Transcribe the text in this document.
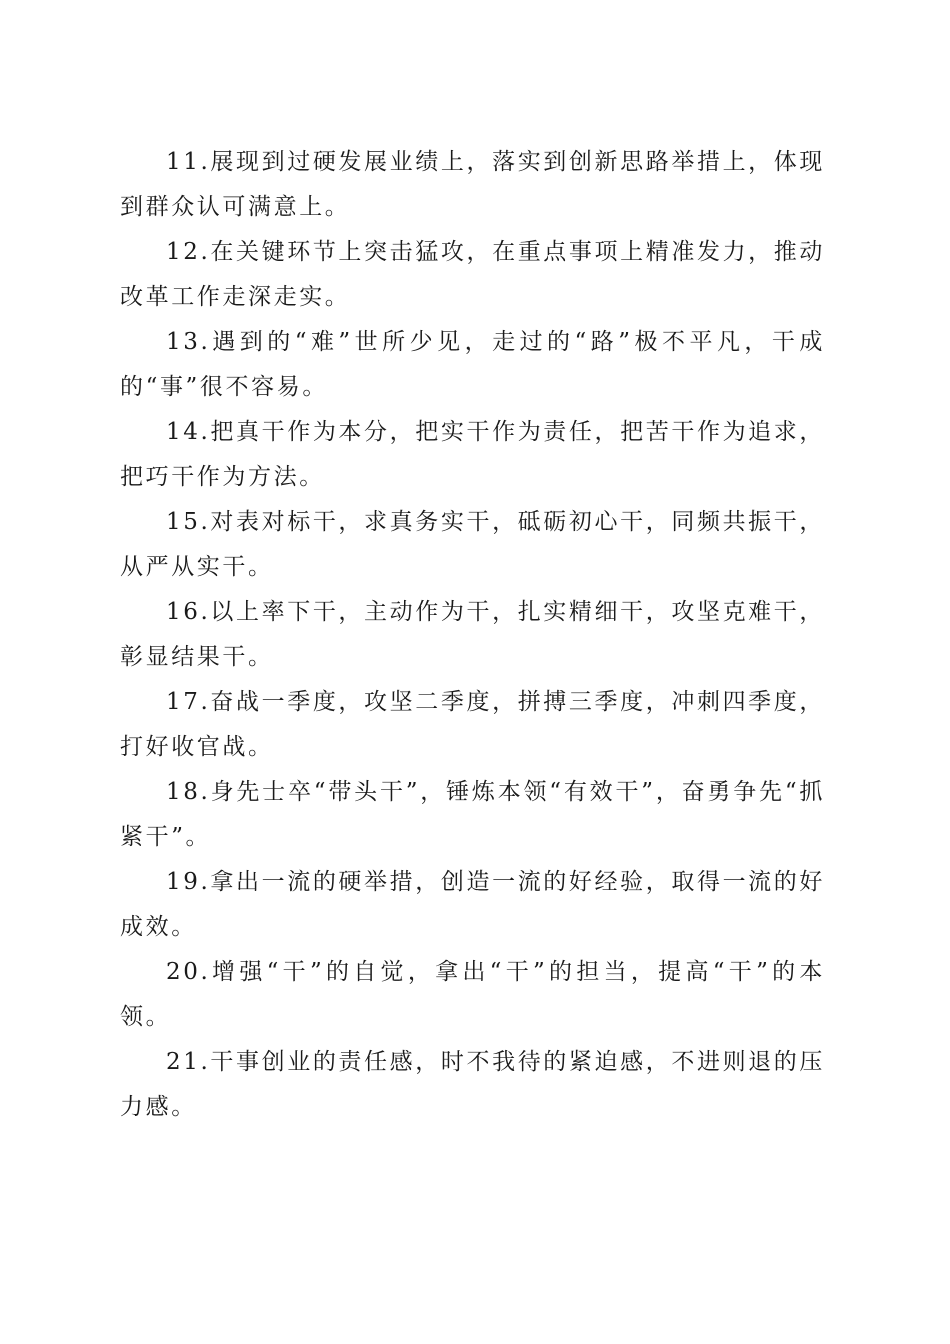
11.展现到过硬发展业绩上，落实到创新思路举措上，体现到群众认可满意上。

12.在关键环节上突击猛攻，在重点事项上精准发力，推动改革工作走深走实。

13.遇到的“难”世所少见，走过的“路”极不平凡，干成的“事”很不容易。

14.把真干作为本分，把实干作为责任，把苦干作为追求，把巧干作为方法。

15.对表对标干，求真务实干，砥砺初心干，同频共振干，从严从实干。

16.以上率下干，主动作为干，扎实精细干，攻坚克难干，彰显结果干。

17.奋战一季度，攻坚二季度，拼搏三季度，冲刺四季度，打好收官战。

18.身先士卒“带头干”，锤炼本领“有效干”，奋勇争先“抓紧干”。

19.拿出一流的硬举措，创造一流的好经验，取得一流的好成效。

20.增强“干”的自觉，拿出“干”的担当，提高“干”的本领。

21.干事创业的责任感，时不我待的紧迫感，不进则退的压力感。
